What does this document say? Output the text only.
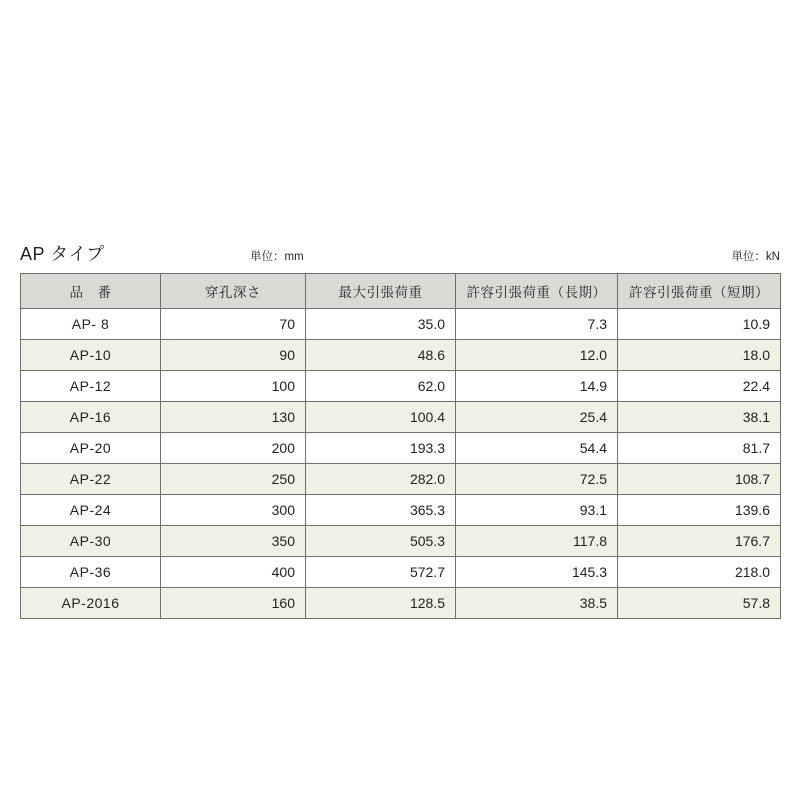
AP タイプ	単位：mm	単位：kN
品　番	穿孔深さ	最大引張荷重	許容引張荷重（長期）	許容引張荷重（短期）
AP- 8	70	35.0	7.3	10.9
AP-10	90	48.6	12.0	18.0
AP-12	100	62.0	14.9	22.4
AP-16	130	100.4	25.4	38.1
AP-20	200	193.3	54.4	81.7
AP-22	250	282.0	72.5	108.7
AP-24	300	365.3	93.1	139.6
AP-30	350	505.3	117.8	176.7
AP-36	400	572.7	145.3	218.0
AP-2016	160	128.5	38.5	57.8
